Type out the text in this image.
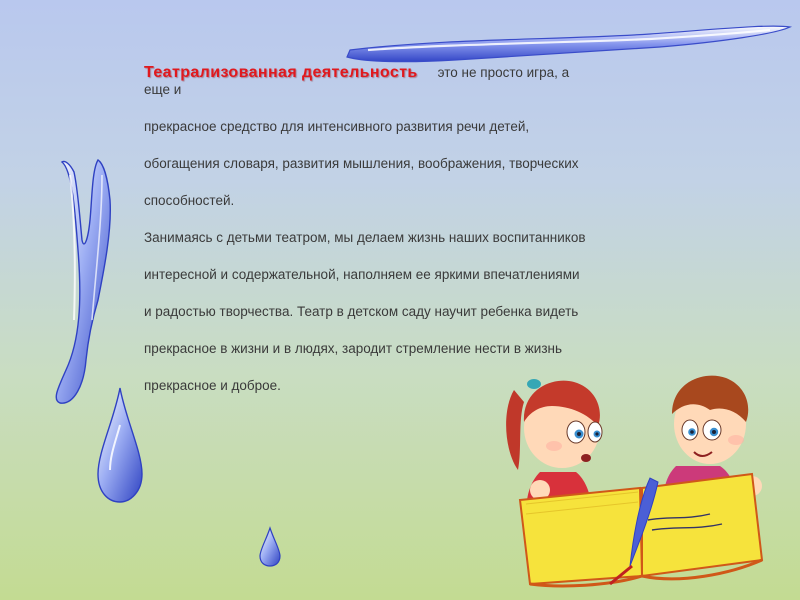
Театрализованная деятельность это не просто игра, а
еще и
прекрасное средство для интенсивного развития речи детей,
обогащения словаря, развития мышления, воображения, творческих
способностей.
Занимаясь с детьми театром, мы делаем жизнь наших воспитанников
интересной и содержательной, наполняем ее яркими впечатлениями
и радостью творчества. Театр в детском саду научит ребенка видеть
прекрасное в жизни и в людях, зародит стремление нести в жизнь
прекрасное и доброе.
